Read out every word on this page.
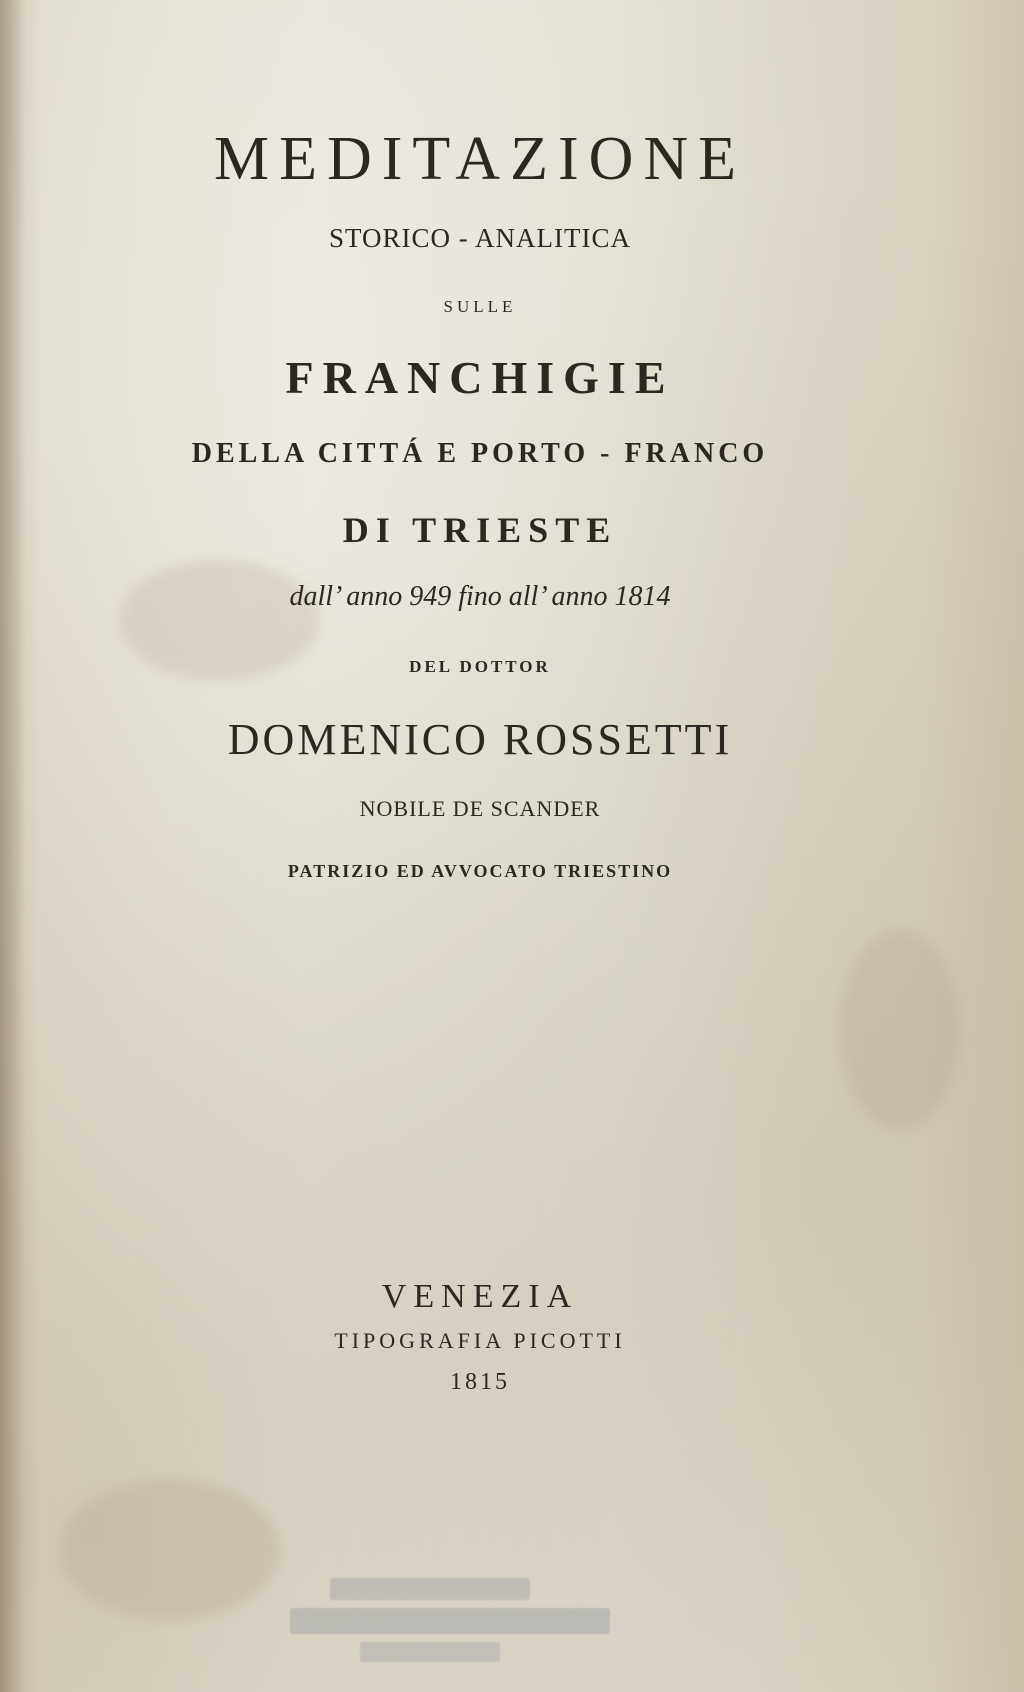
MEDITAZIONE
STORICO - ANALITICA
SULLE
FRANCHIGIE
DELLA CITTÁ E PORTO - FRANCO
DI TRIESTE
dall’ anno 949 fino all’ anno 1814
DEL DOTTOR
DOMENICO ROSSETTI
NOBILE DE SCANDER
PATRIZIO ED AVVOCATO TRIESTINO
VENEZIA
TIPOGRAFIA PICOTTI
1815
